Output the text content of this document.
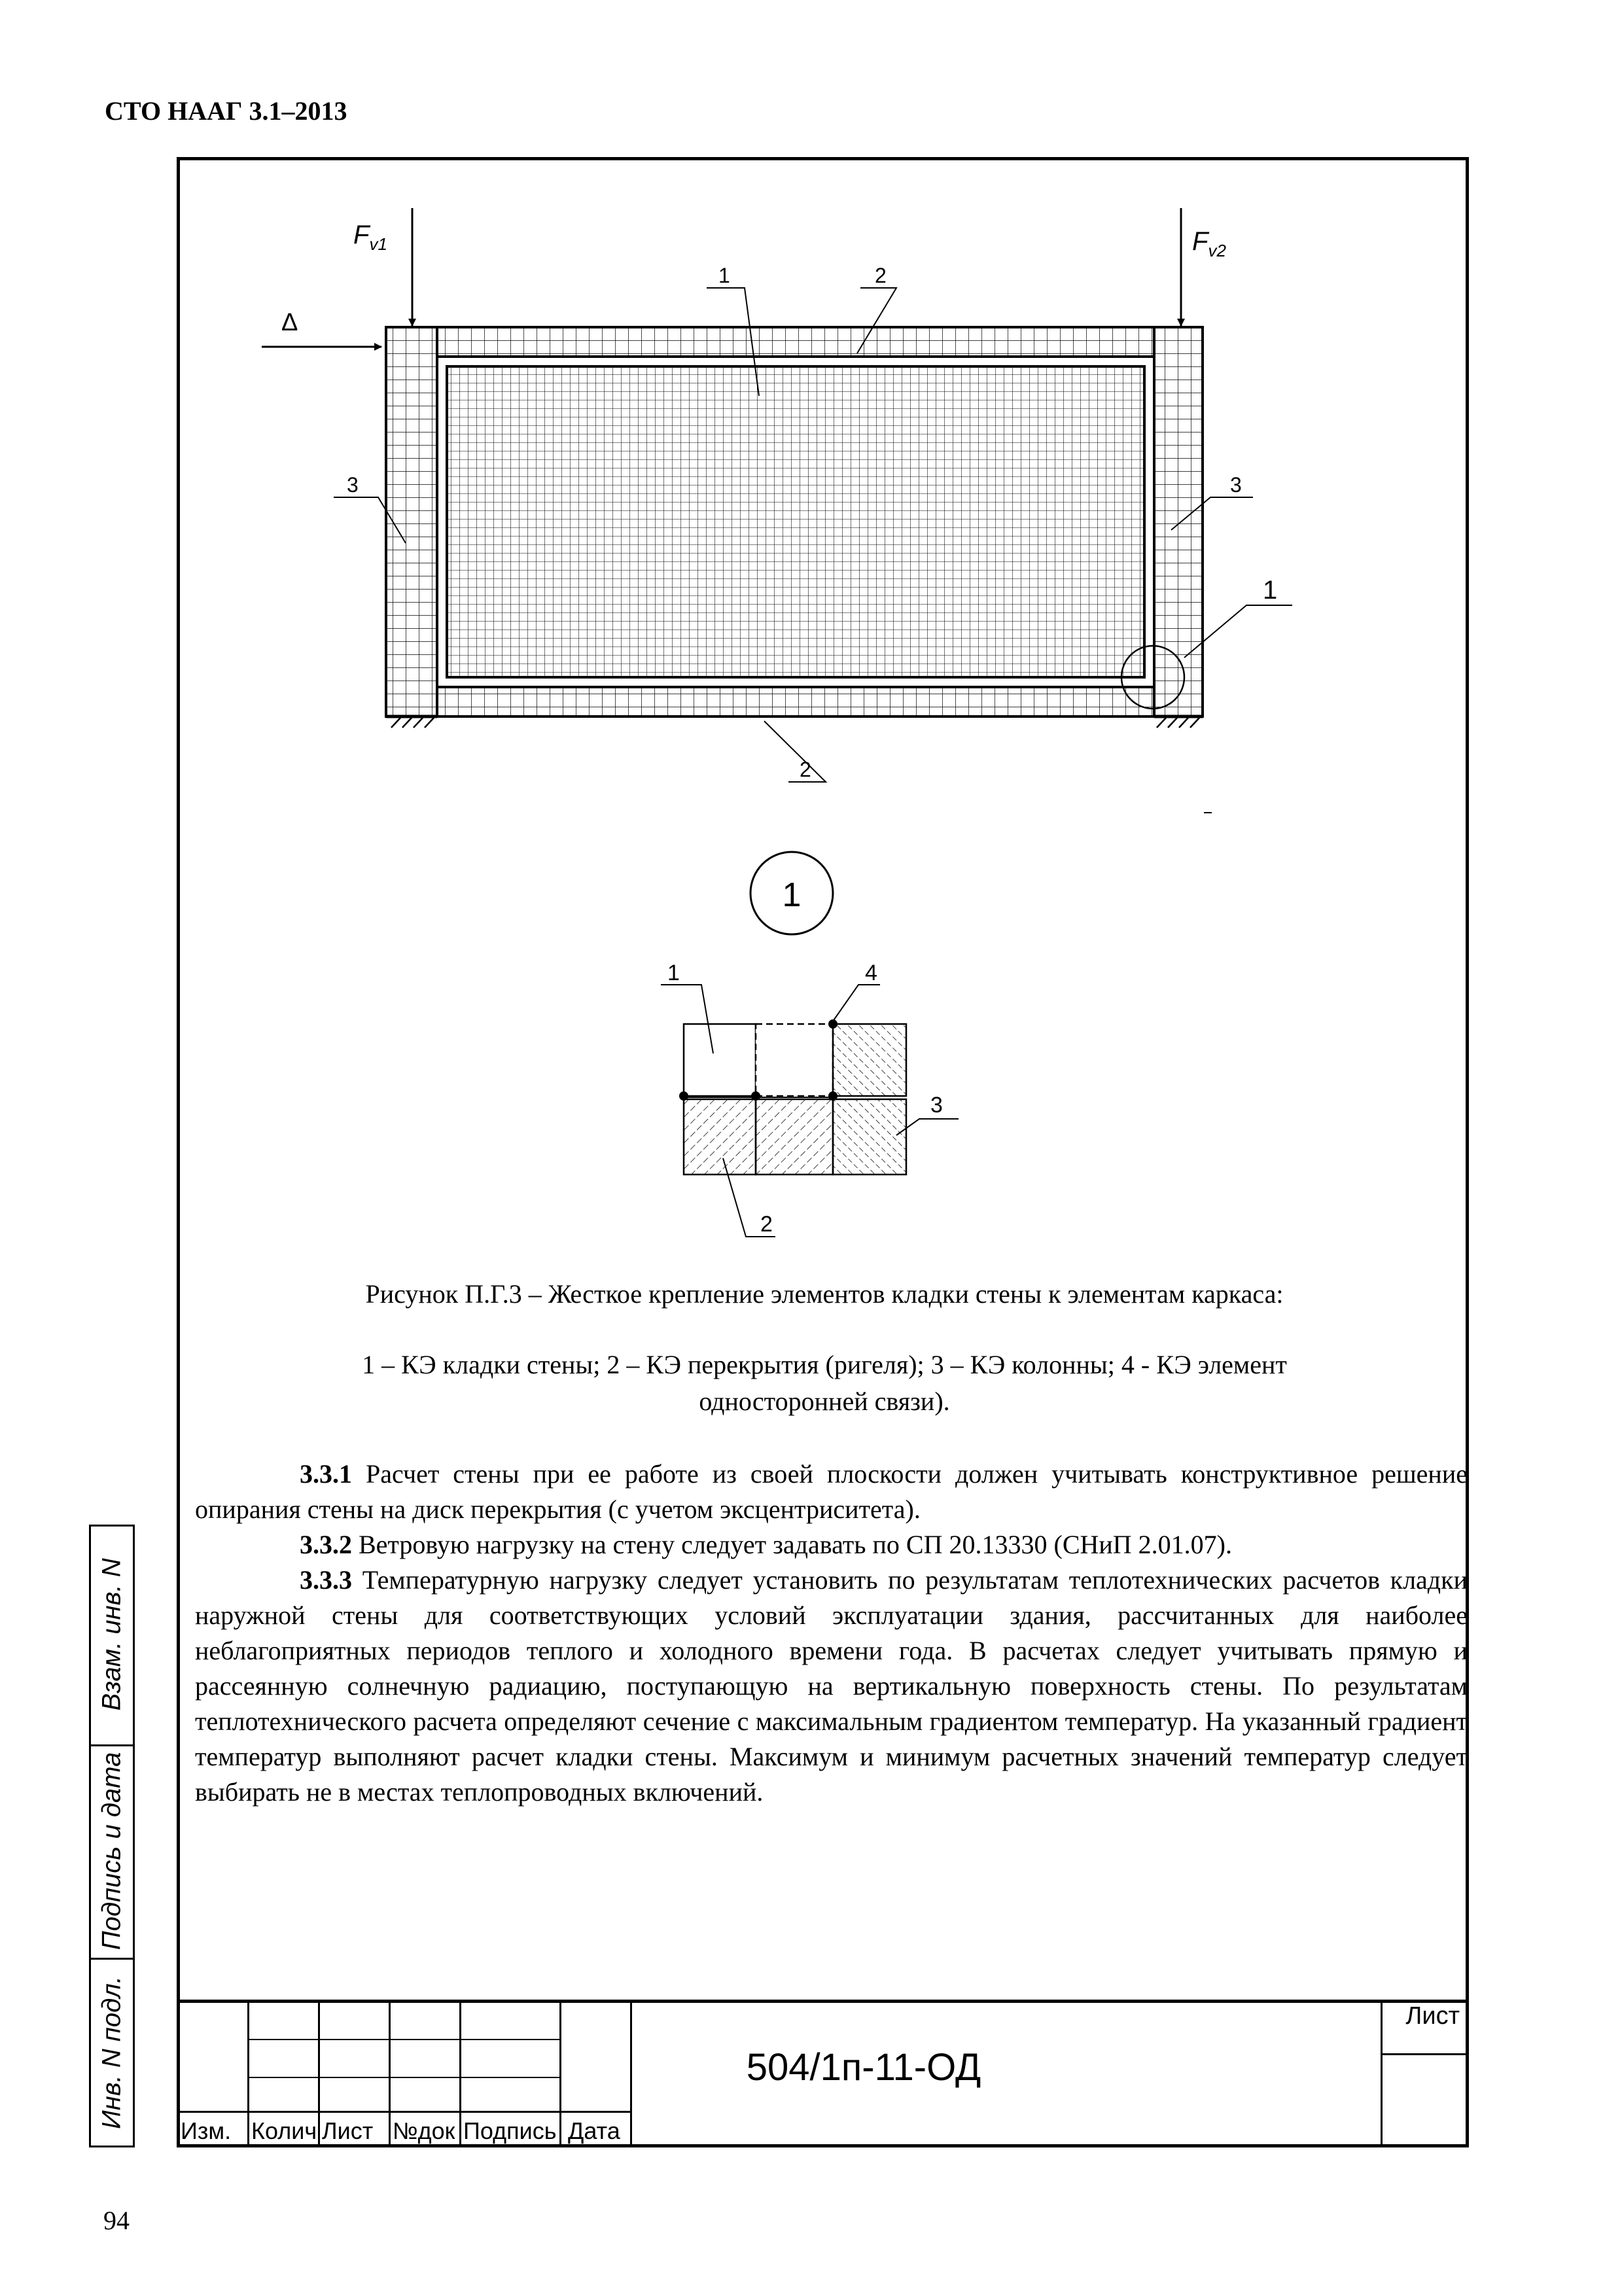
СТО НААГ 3.1–2013
Взам. инв. N
Подпись и дата
Инв. N подл.
$F_{v1}$	$F_{v2}$
Δ
1	2
3	3
1
2
1
1	4
3
2
Рисунок П.Г.3 – Жесткое крепление элементов кладки стены к элементам каркаса:
1 – КЭ кладки стены; 2 – КЭ перекрытия (ригеля); 3 – КЭ колонны; 4 - КЭ элемент
односторонней связи).

3.3.1 Расчет стены при ее работе из своей плоскости должен учитывать конструктивное решение опирания стены на диск перекрытия (с учетом эксцентриситета).

3.3.2 Ветровую нагрузку на стену следует задавать по СП 20.13330 (СНиП 2.01.07).

3.3.3 Температурную нагрузку следует установить по результатам теплотехнических расчетов кладки наружной стены для соответствующих условий эксплуатации здания, рассчитанных для наиболее неблагоприятных периодов теплого и холодного времени года. В расчетах следует учитывать прямую и рассеянную солнечную радиацию, поступающую на вертикальную поверхность стены. По результатам теплотехнического расчета определяют сечение с максимальным градиентом температур. На указанный градиент температур выполняют расчет кладки стены. Максимум и минимум расчетных значений температур следует выбирать не в местах теплопроводных включений.

Изм. Колич Лист №док Подпись Дата
504/1п-11-ОД
Лист
94
